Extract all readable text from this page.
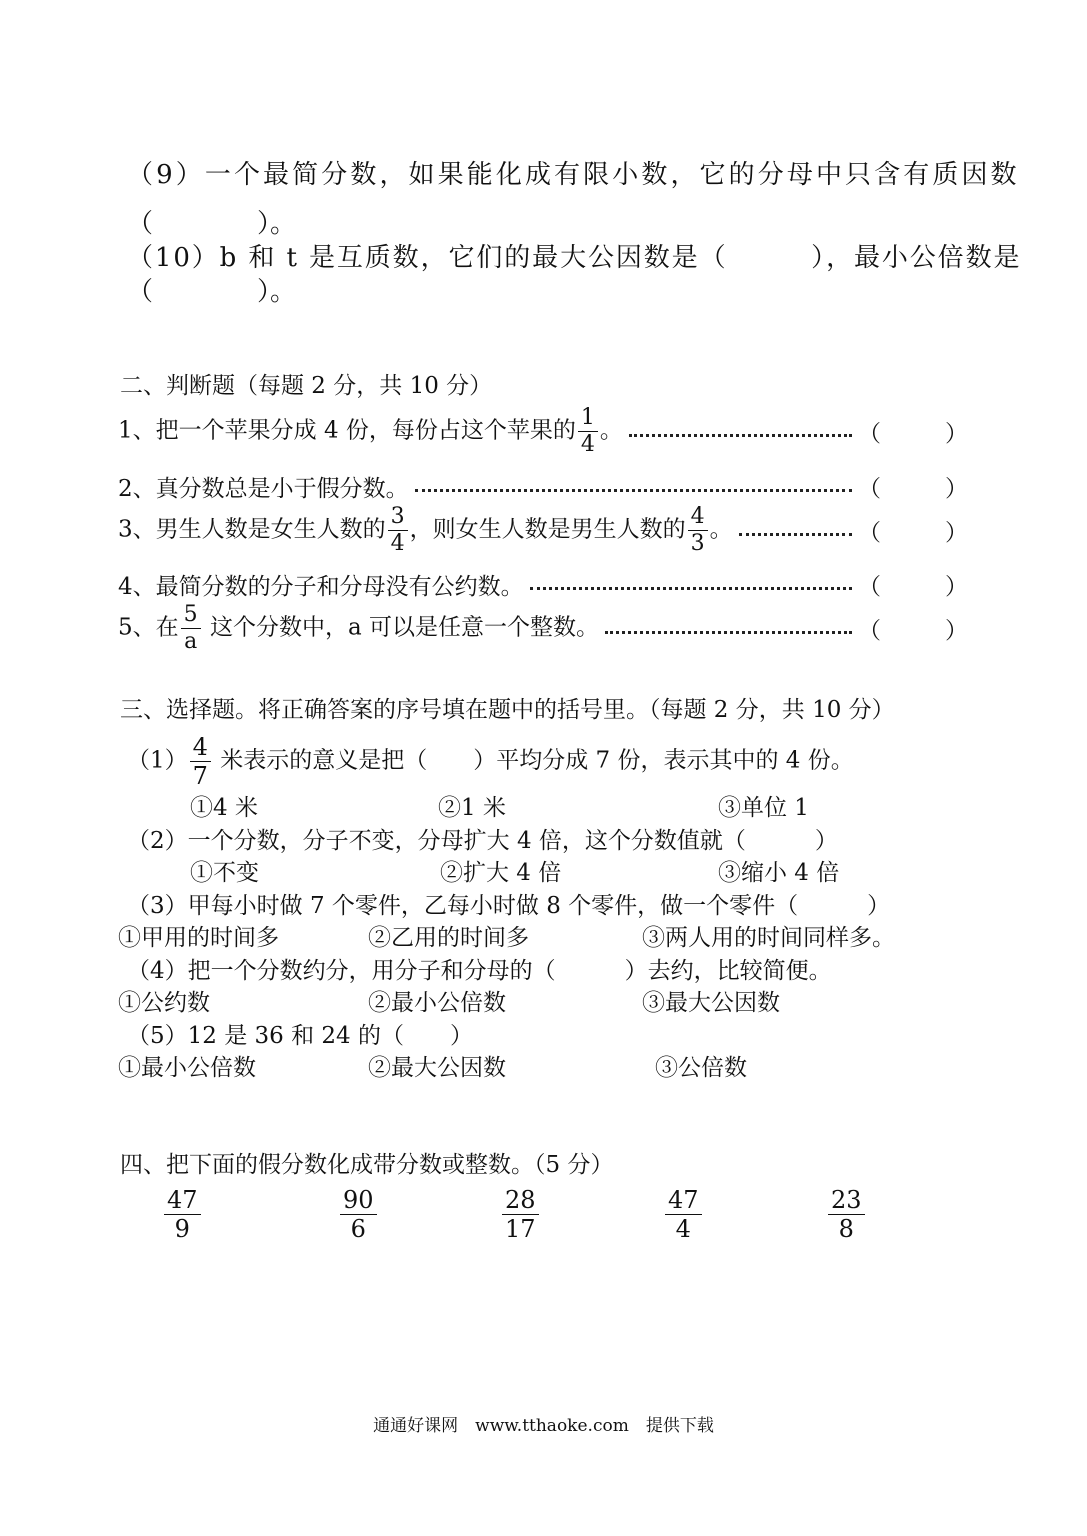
（9）一个最简分数，如果能化成有限小数，它的分母中只含有质因数
（　　　　）。
（10）b 和 t 是互质数，它们的最大公因数是（　　　），最小公倍数是
（　　　　）。
二、判断题（每题 2 分，共 10 分）
1、把一个苹果分成 4 份，每份占这个苹果的 $\frac{1}{4}$ 。	（	）
2、真分数总是小于假分数。	（	）
3、男生人数是女生人数的 $\frac{3}{4}$ ，则女生人数是男生人数的 $\frac{4}{3}$ 。	（	）
4、最简分数的分子和分母没有公约数。	（	）
5、在 $\frac{5}{a}$ 这个分数中，a 可以是任意一个整数。	（	）
三、选择题。将正确答案的序号填在题中的括号里。（每题 2 分，共 10 分）
$(1) \frac{4}{7}$ 米表示的意义是把（　　）平均分成 7 份，表示其中的 4 份。
①4 米	②1 米	③单位 1
（2）一个分数，分子不变，分母扩大 4 倍，这个分数值就（　　　）
①不变	②扩大 4 倍	③缩小 4 倍
（3）甲每小时做 7 个零件，乙每小时做 8 个零件，做一个零件（　　　）
①甲用的时间多	②乙用的时间多	③两人用的时间同样多。
（4）把一个分数约分，用分子和分母的（　　　）去约，比较简便。
①公约数	②最小公倍数	③最大公因数
（5）12 是 36 和 24 的（　　）
①最小公倍数	②最大公因数	③公倍数
四、把下面的假分数化成带分数或整数。（5 分）
$\frac{47}{9}$	$\frac{90}{6}$	$\frac{28}{17}$	$\frac{47}{4}$	$\frac{23}{8}$
通通好课网　www.tthaoke.com　提供下载
